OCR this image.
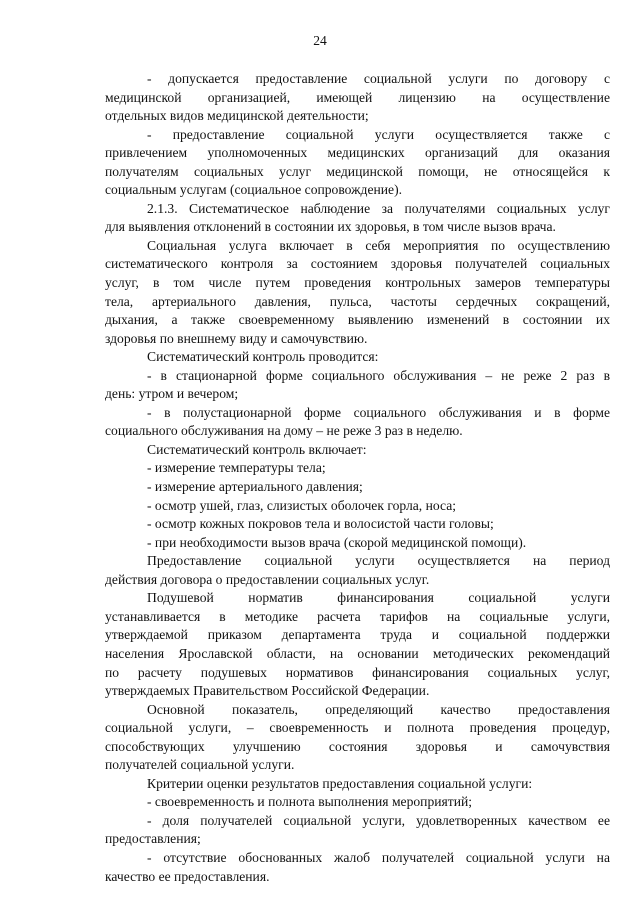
24
- допускается предоставление социальной услуги по договору с
медицинской организацией, имеющей лицензию на осуществление
отдельных видов медицинской деятельности;
- предоставление социальной услуги осуществляется также с
привлечением уполномоченных медицинских организаций для оказания
получателям социальных услуг медицинской помощи, не относящейся к
социальным услугам (социальное сопровождение).
2.1.3. Систематическое наблюдение за получателями социальных услуг
для выявления отклонений в состоянии их здоровья, в том числе вызов врача.
Социальная услуга включает в себя мероприятия по осуществлению
систематического контроля за состоянием здоровья получателей социальных
услуг, в том числе путем проведения контрольных замеров температуры
тела, артериального давления, пульса, частоты сердечных сокращений,
дыхания, а также своевременному выявлению изменений в состоянии их
здоровья по внешнему виду и самочувствию.
Систематический контроль проводится:
- в стационарной форме социального обслуживания – не реже 2 раз в
день: утром и вечером;
- в полустационарной форме социального обслуживания и в форме
социального обслуживания на дому – не реже 3 раз в неделю.
Систематический контроль включает:
- измерение температуры тела;
- измерение артериального давления;
- осмотр ушей, глаз, слизистых оболочек горла, носа;
- осмотр кожных покровов тела и волосистой части головы;
- при необходимости вызов врача (скорой медицинской помощи).
Предоставление социальной услуги осуществляется на период
действия договора о предоставлении социальных услуг.
Подушевой норматив финансирования социальной услуги
устанавливается в методике расчета тарифов на социальные услуги,
утверждаемой приказом департамента труда и социальной поддержки
населения Ярославской области, на основании методических рекомендаций
по расчету подушевых нормативов финансирования социальных услуг,
утверждаемых Правительством Российской Федерации.
Основной показатель, определяющий качество предоставления
социальной услуги, – своевременность и полнота проведения процедур,
способствующих улучшению состояния здоровья и самочувствия
получателей социальной услуги.
Критерии оценки результатов предоставления социальной услуги:
- своевременность и полнота выполнения мероприятий;
- доля получателей социальной услуги, удовлетворенных качеством ее
предоставления;
- отсутствие обоснованных жалоб получателей социальной услуги на
качество ее предоставления.
